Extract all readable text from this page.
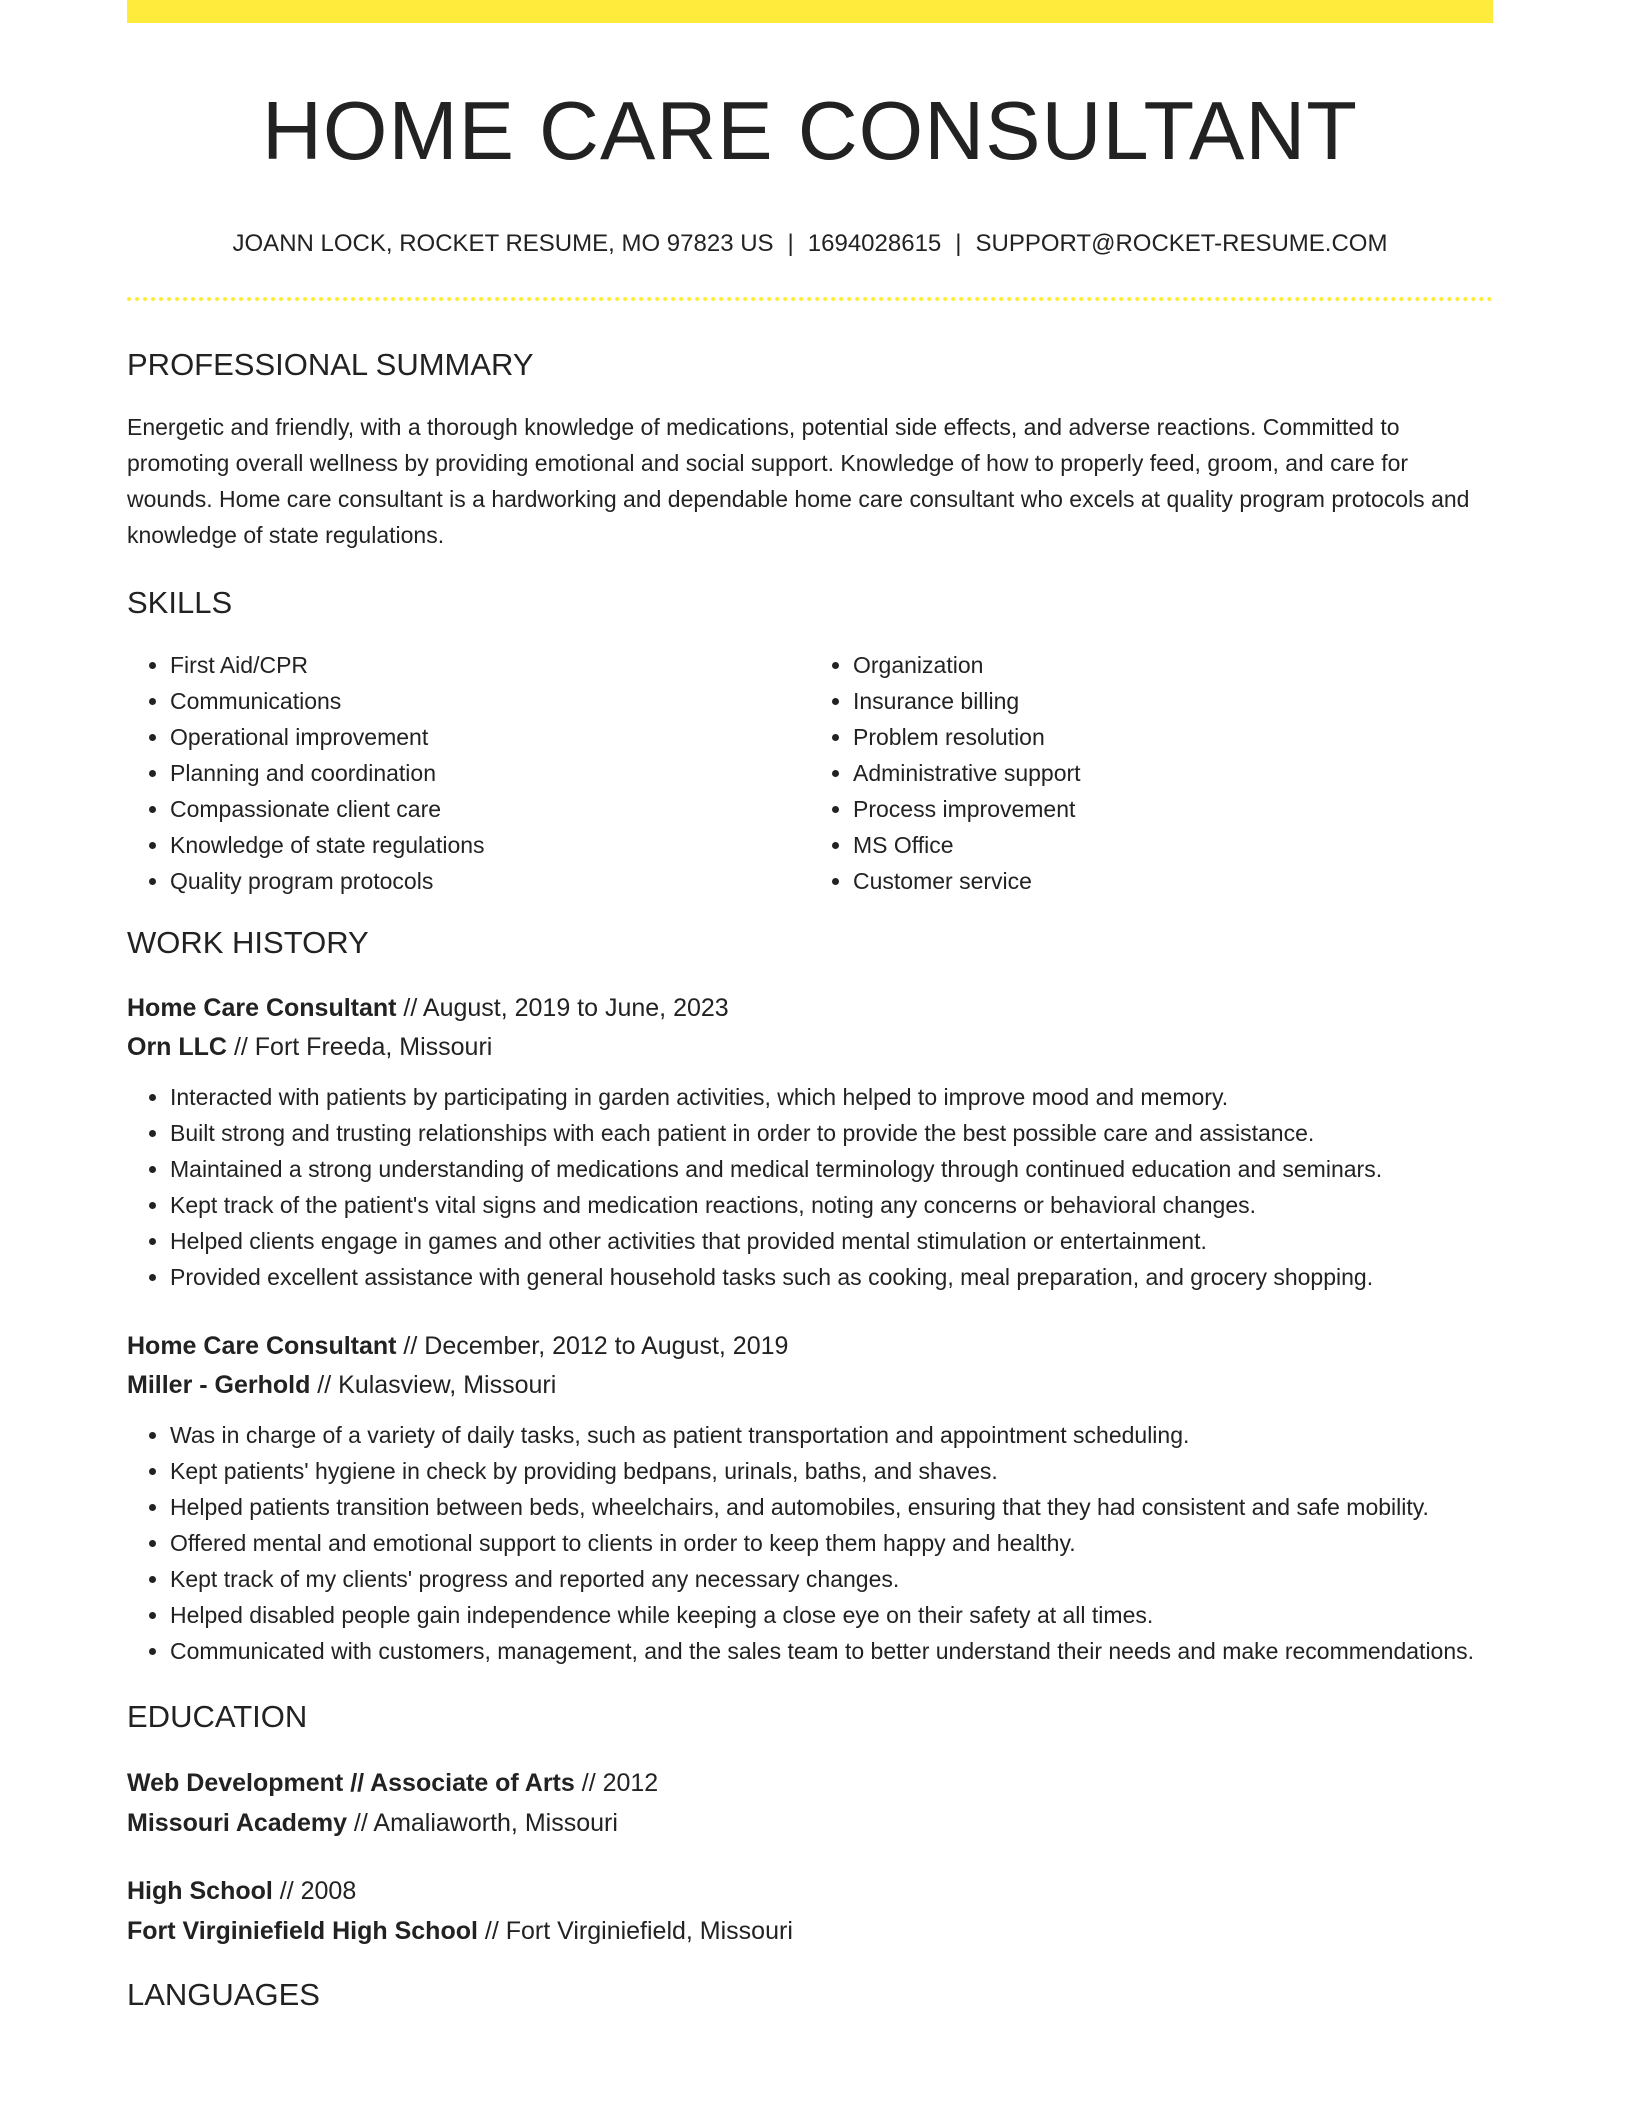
HOME CARE CONSULTANT
JOANN LOCK, ROCKET RESUME, MO 97823 US | 1694028615 | SUPPORT@ROCKET-RESUME.COM
PROFESSIONAL SUMMARY
Energetic and friendly, with a thorough knowledge of medications, potential side effects, and adverse reactions. Committed to promoting overall wellness by providing emotional and social support. Knowledge of how to properly feed, groom, and care for wounds. Home care consultant is a hardworking and dependable home care consultant who excels at quality program protocols and knowledge of state regulations.
SKILLS
• First Aid/CPR
• Communications
• Operational improvement
• Planning and coordination
• Compassionate client care
• Knowledge of state regulations
• Quality program protocols
• Organization
• Insurance billing
• Problem resolution
• Administrative support
• Process improvement
• MS Office
• Customer service
WORK HISTORY
Home Care Consultant // August, 2019 to June, 2023
Orn LLC // Fort Freeda, Missouri
• Interacted with patients by participating in garden activities, which helped to improve mood and memory.
• Built strong and trusting relationships with each patient in order to provide the best possible care and assistance.
• Maintained a strong understanding of medications and medical terminology through continued education and seminars.
• Kept track of the patient's vital signs and medication reactions, noting any concerns or behavioral changes.
• Helped clients engage in games and other activities that provided mental stimulation or entertainment.
• Provided excellent assistance with general household tasks such as cooking, meal preparation, and grocery shopping.
Home Care Consultant // December, 2012 to August, 2019
Miller - Gerhold // Kulasview, Missouri
• Was in charge of a variety of daily tasks, such as patient transportation and appointment scheduling.
• Kept patients' hygiene in check by providing bedpans, urinals, baths, and shaves.
• Helped patients transition between beds, wheelchairs, and automobiles, ensuring that they had consistent and safe mobility.
• Offered mental and emotional support to clients in order to keep them happy and healthy.
• Kept track of my clients' progress and reported any necessary changes.
• Helped disabled people gain independence while keeping a close eye on their safety at all times.
• Communicated with customers, management, and the sales team to better understand their needs and make recommendations.
EDUCATION
Web Development // Associate of Arts // 2012
Missouri Academy // Amaliaworth, Missouri
High School // 2008
Fort Virginiefield High School // Fort Virginiefield, Missouri
LANGUAGES
